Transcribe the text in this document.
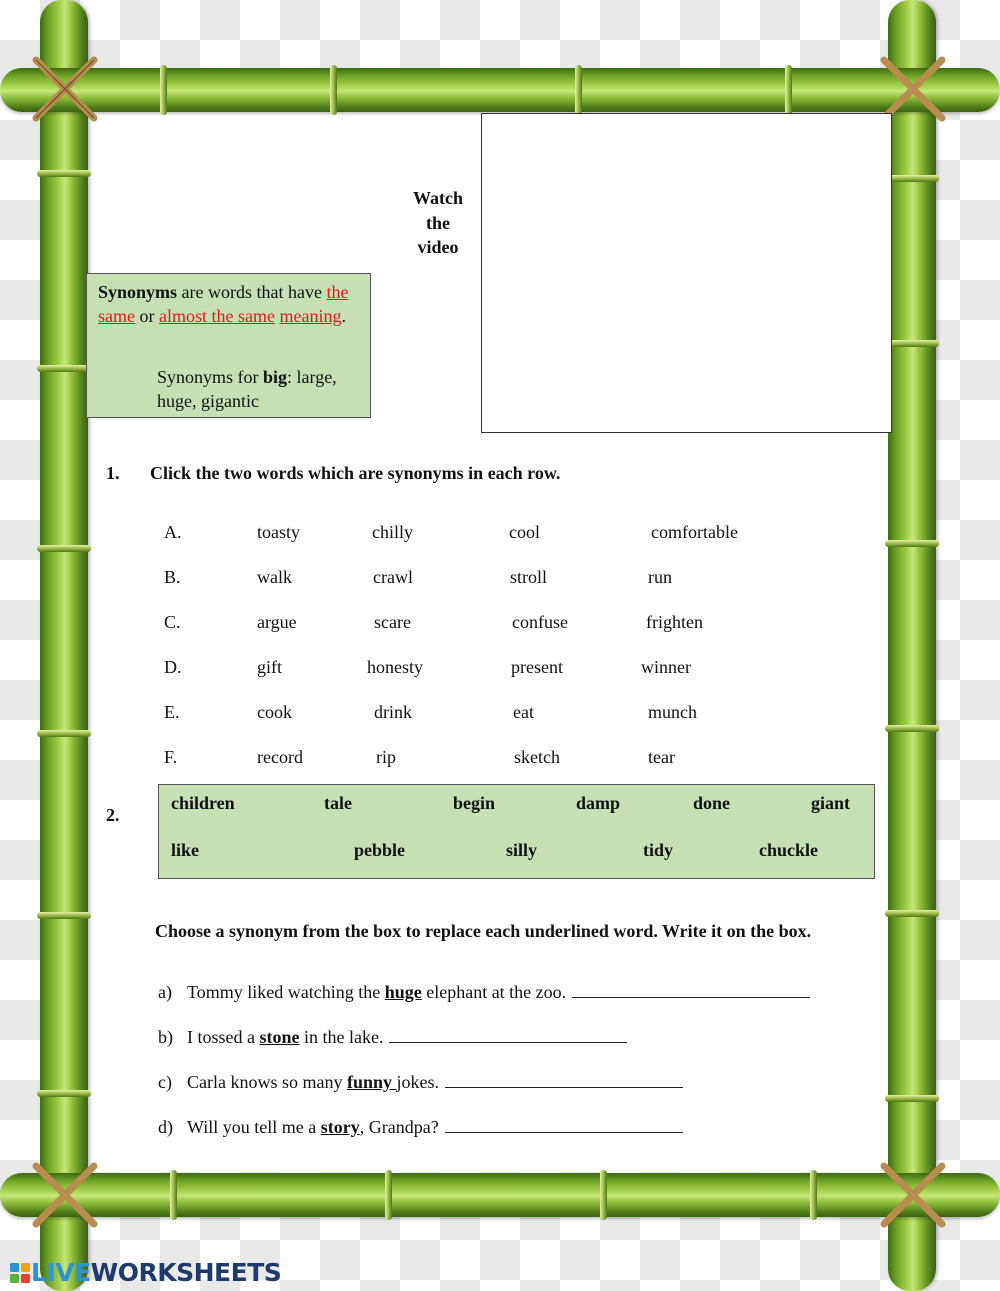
Watch
the
video
Synonyms are words that have the same or almost the same meaning.
Synonyms for big: large, huge, gigantic
1. Click the two words which are synonyms in each row.
A.	toasty	chilly	cool	comfortable
B.	walk	crawl	stroll	run
C.	argue	scare	confuse	frighten
D.	gift	honesty	present	winner
E.	cook	drink	eat	munch
F.	record	rip	sketch	tear
2.
children	tale	begin	damp	done	giant
like	pebble	silly	tidy	chuckle
Choose a synonym from the box to replace each underlined word. Write it on the box.
a) Tommy liked watching the huge elephant at the zoo.
b) I tossed a stone in the lake.
c) Carla knows so many funny jokes.
d) Will you tell me a story, Grandpa?
LIVEWORKSHEETS
